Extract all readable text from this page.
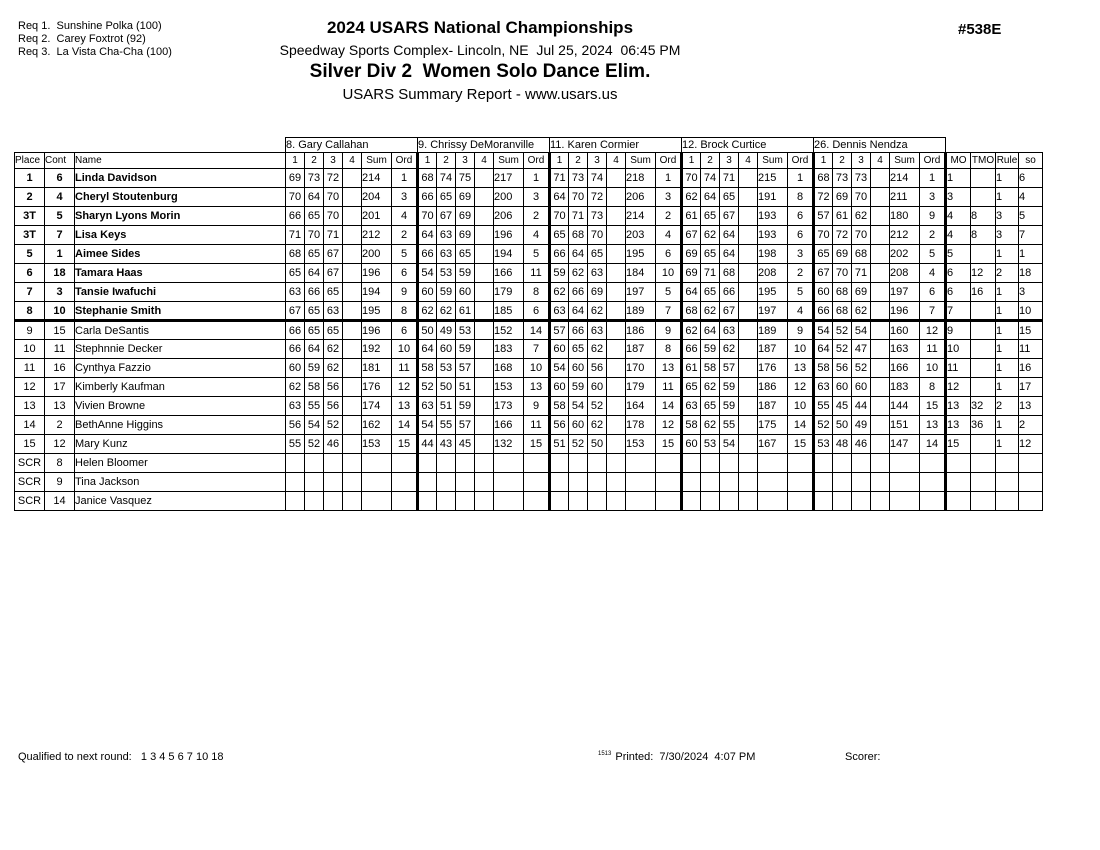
Req 1.  Sunshine Polka (100)
Req 2.  Carey Foxtrot (92)
Req 3.  La Vista Cha-Cha (100)
2024 USARS National Championships
Speedway Sports Complex- Lincoln, NE  Jul 25, 2024  06:45 PM
Silver Div 2  Women Solo Dance Elim.
USARS Summary Report - www.usars.us
#538E
			8. Gary Callahan						9. Chrissy DeMoranville						11. Karen Cormier						12. Brock Curtice						26. Dennis Nendza									
Place	Cont	Name	1	2	3	4	Sum	Ord	1	2	3	4	Sum	Ord	1	2	3	4	Sum	Ord	1	2	3	4	Sum	Ord	1	2	3	4	Sum	Ord	MO	TMO	Rule	so
1	6	Linda Davidson	69	73	72		214	1	68	74	75		217	1	71	73	74		218	1	70	74	71		215	1	68	73	73		214	1	1		1	6
2	4	Cheryl Stoutenburg	70	64	70		204	3	66	65	69		200	3	64	70	72		206	3	62	64	65		191	8	72	69	70		211	3	3		1	4
3T	5	Sharyn Lyons Morin	66	65	70		201	4	70	67	69		206	2	70	71	73		214	2	61	65	67		193	6	57	61	62		180	9	4	8	3	5
3T	7	Lisa Keys	71	70	71		212	2	64	63	69		196	4	65	68	70		203	4	67	62	64		193	6	70	72	70		212	2	4	8	3	7
5	1	Aimee Sides	68	65	67		200	5	66	63	65		194	5	66	64	65		195	6	69	65	64		198	3	65	69	68		202	5	5		1	1
6	18	Tamara Haas	65	64	67		196	6	54	53	59		166	11	59	62	63		184	10	69	71	68		208	2	67	70	71		208	4	6	12	2	18
7	3	Tansie Iwafuchi	63	66	65		194	9	60	59	60		179	8	62	66	69		197	5	64	65	66		195	5	60	68	69		197	6	6	16	1	3
8	10	Stephanie Smith	67	65	63		195	8	62	62	61		185	6	63	64	62		189	7	68	62	67		197	4	66	68	62		196	7	7		1	10
9	15	Carla DeSantis	66	65	65		196	6	50	49	53		152	14	57	66	63		186	9	62	64	63		189	9	54	52	54		160	12	9		1	15
10	11	Stephnnie Decker	66	64	62		192	10	64	60	59		183	7	60	65	62		187	8	66	59	62		187	10	64	52	47		163	11	10		1	11
11	16	Cynthya Fazzio	60	59	62		181	11	58	53	57		168	10	54	60	56		170	13	61	58	57		176	13	58	56	52		166	10	11		1	16
12	17	Kimberly Kaufman	62	58	56		176	12	52	50	51		153	13	60	59	60		179	11	65	62	59		186	12	63	60	60		183	8	12		1	17
13	13	Vivien Browne	63	55	56		174	13	63	51	59		173	9	58	54	52		164	14	63	65	59		187	10	55	45	44		144	15	13	32	2	13
14	2	BethAnne Higgins	56	54	52		162	14	54	55	57		166	11	56	60	62		178	12	58	62	55		175	14	52	50	49		151	13	13	36	1	2
15	12	Mary Kunz	55	52	46		153	15	44	43	45		132	15	51	52	50		153	15	60	53	54		167	15	53	48	46		147	14	15		1	12
SCR	8	Helen Bloomer																																		
SCR	9	Tina Jackson																																		
SCR	14	Janice Vasquez																																		
Qualified to next round:   1 3 4 5 6 7 10 18	$^{1513}$ Printed:  7/30/2024  4:07 PM	Scorer:
